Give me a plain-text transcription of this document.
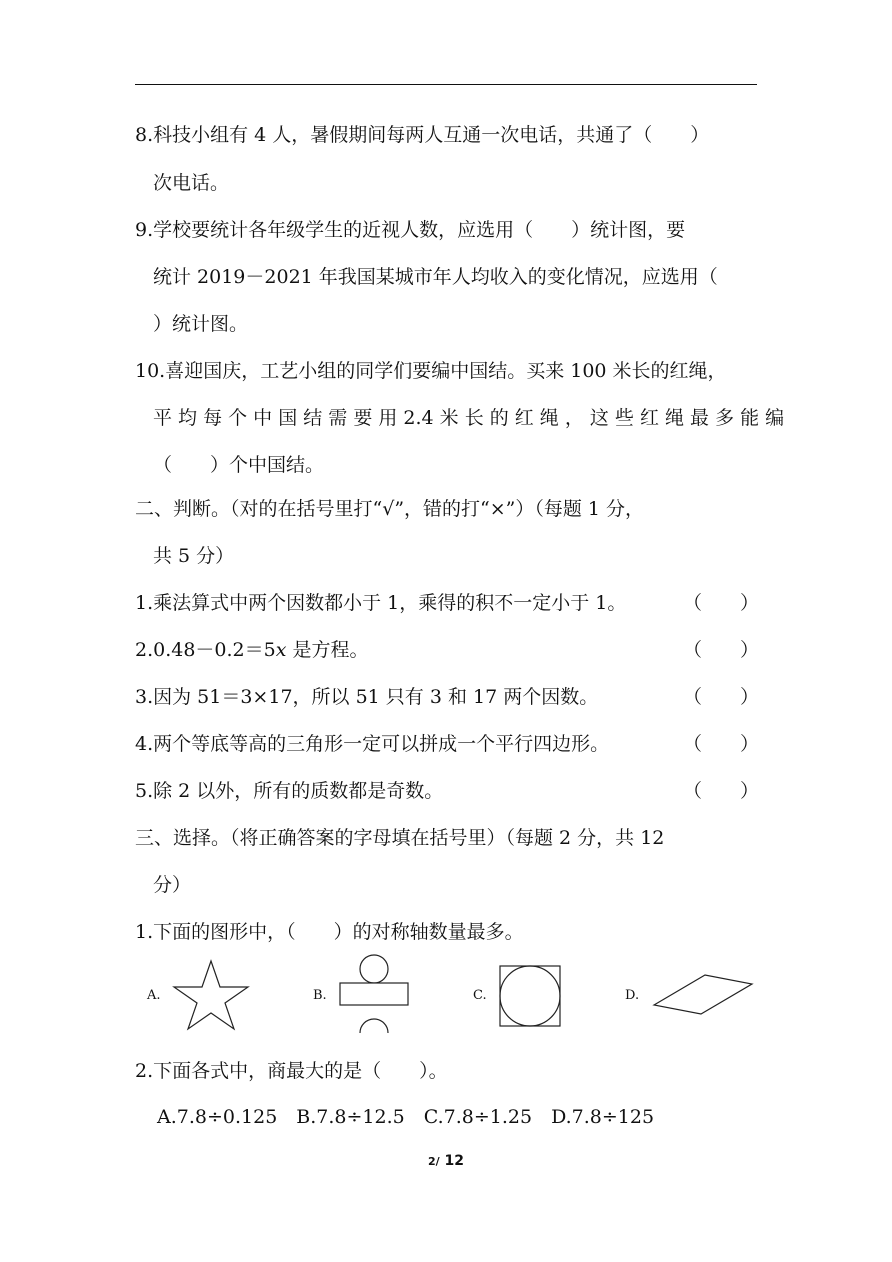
8.科技小组有 4 人，暑假期间每两人互通一次电话，共通了（　　）
次电话。
9.学校要统计各年级学生的近视人数，应选用（　　）统计图，要
统计 2019－2021 年我国某城市年人均收入的变化情况，应选用（
）统计图。
10.喜迎国庆，工艺小组的同学们要编中国结。买来 100 米长的红绳，
平 均 每 个 中 国 结 需 要 用 2.4 米 长 的 红 绳 ， 这 些 红 绳 最 多 能 编
（　　）个中国结。
二、判断。（对的在括号里打“√”，错的打“×”）（每题 1 分，
共 5 分）
1.乘法算式中两个因数都小于 1，乘得的积不一定小于 1。	（　　）
2.0.48－0.2＝5x 是方程。	（　　）
3.因为 51＝3×17，所以 51 只有 3 和 17 两个因数。	（　　）
4.两个等底等高的三角形一定可以拼成一个平行四边形。	（　　）
5.除 2 以外，所有的质数都是奇数。	（　　）
三、选择。（将正确答案的字母填在括号里）（每题 2 分，共 12
分）
1.下面的图形中，（　　）的对称轴数量最多。
A.	B.	C.	D.
2.下面各式中，商最大的是（　　）。
A.7.8÷0.125　B.7.8÷12.5　C.7.8÷1.25　D.7.8÷125
2/ 12
